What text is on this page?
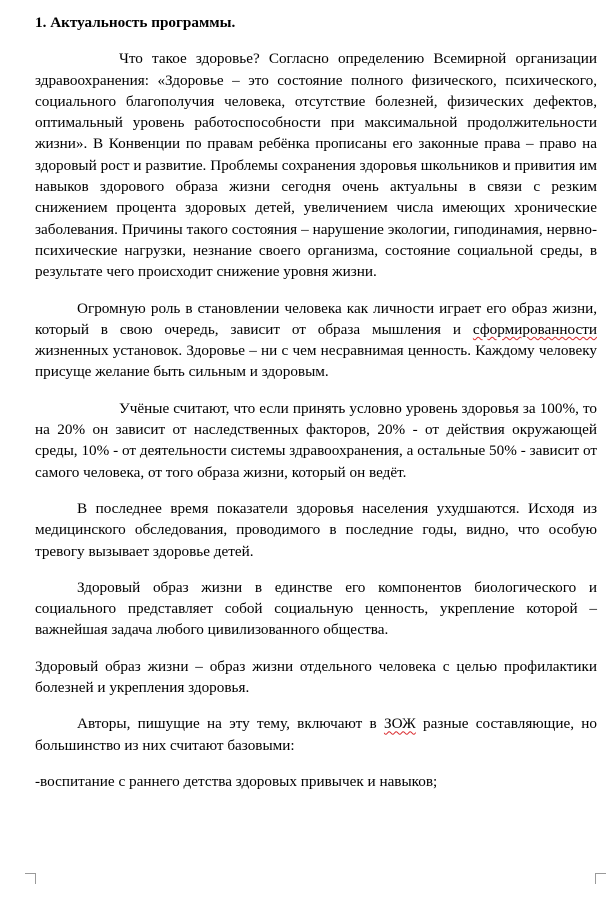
1. Актуальность программы.

Что такое здоровье? Согласно определению Всемирной организации здравоохранения: «Здоровье – это состояние полного физического, психического, социального благополучия человека, отсутствие болезней, физических дефектов, оптимальный уровень работоспособности при максимальной продолжительности жизни». В Конвенции по правам ребёнка прописаны его законные права – право на здоровый рост и развитие. Проблемы сохранения здоровья школьников и привития им навыков здорового образа жизни сегодня очень актуальны в связи с резким снижением процента здоровых детей, увеличением числа имеющих хронические заболевания. Причины такого состояния – нарушение экологии, гиподинамия, нервно-психические нагрузки, незнание своего организма, состояние социальной среды, в результате чего происходит снижение уровня жизни.

Огромную роль в становлении человека как личности играет его образ жизни, который в свою очередь, зависит от образа мышления и сформированности жизненных установок. Здоровье – ни с чем несравнимая ценность. Каждому человеку присуще желание быть сильным и здоровым.

Учёные считают, что если принять условно уровень здоровья за 100%, то на 20% он зависит от наследственных факторов, 20% - от действия окружающей среды, 10% - от деятельности системы здравоохранения, а остальные 50% - зависит от самого человека, от того образа жизни, который он ведёт.

В последнее время показатели здоровья населения ухудшаются. Исходя из медицинского обследования, проводимого в последние годы, видно, что особую тревогу вызывает здоровье детей.

Здоровый образ жизни в единстве его компонентов биологического и социального представляет собой социальную ценность, укрепление которой – важнейшая задача любого цивилизованного общества.

Здоровый образ жизни – образ жизни отдельного человека с целью профилактики болезней и укрепления здоровья.

Авторы, пишущие на эту тему, включают в ЗОЖ разные составляющие, но большинство из них считают базовыми:

-воспитание с раннего детства здоровых привычек и навыков;
